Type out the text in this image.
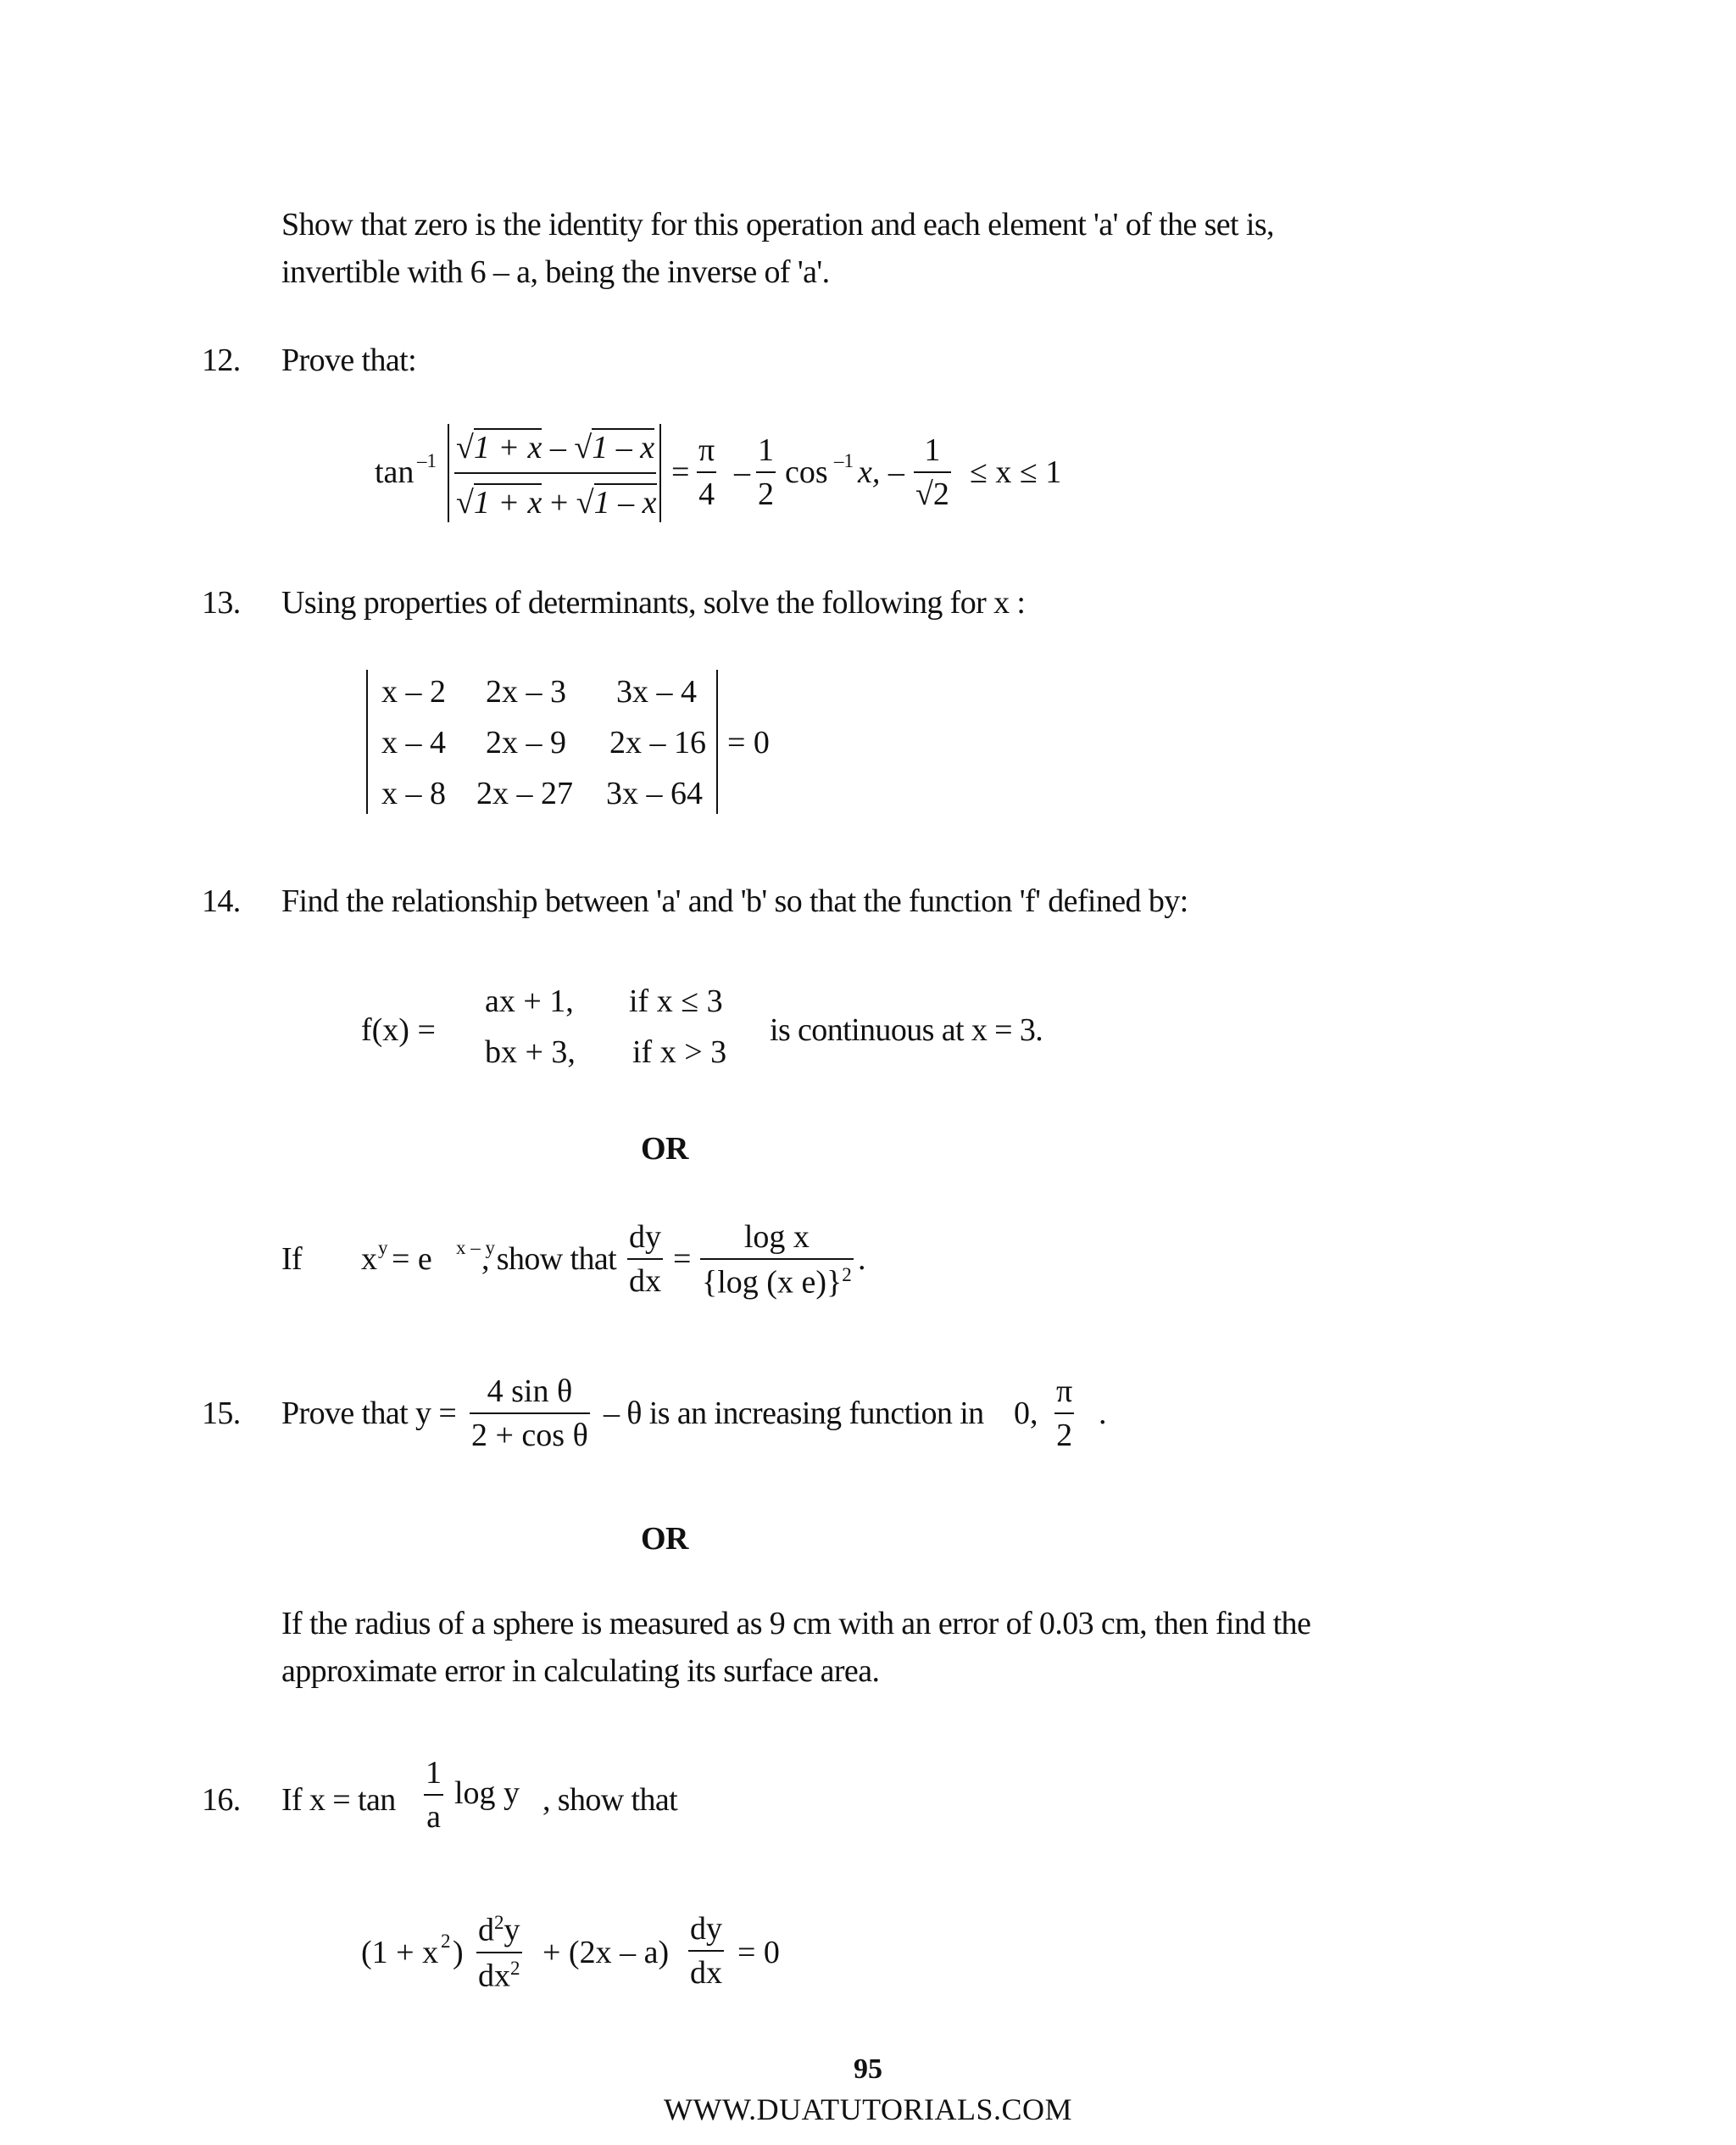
Show that zero is the identity for this operation and each element 'a' of the set is,
invertible with 6 – a, being the inverse of 'a'.
12. Prove that:
tan –1 √1 + x – √1 – x
√1 + x + √1 – x
=
π
4
–
1
2
cos –1 x, –
1
√2
≤ x ≤ 1
13. Using properties of determinants, solve the following for x :
x – 2 2x – 3 3x – 4
x – 4 2x – 9 2x – 16
x – 8 2x – 27 3x – 64
= 0
14. Find the relationship between 'a' and 'b' so that the function 'f' defined by:
f(x) =
ax + 1, if x ≤ 3
bx + 3, if x > 3
is continuous at x = 3.
OR
If x y = e x – y
, show that
dy
dx
=
log x
{log (x e)}$^2$ .
15. Prove that y =
4 sin θ
2 + cos θ
– θ is an increasing function in 0,
π
2
.
OR
If the radius of a sphere is measured as 9 cm with an error of 0.03 cm, then find the
approximate error in calculating its surface area.
16. If x = tan
1
a
log y , show that
(1 + x 2 )
$d^2y$
$dx^2 + (2x - a)$
dy
dx
= 0
95
WWW.DUATUTORIALS.COM
